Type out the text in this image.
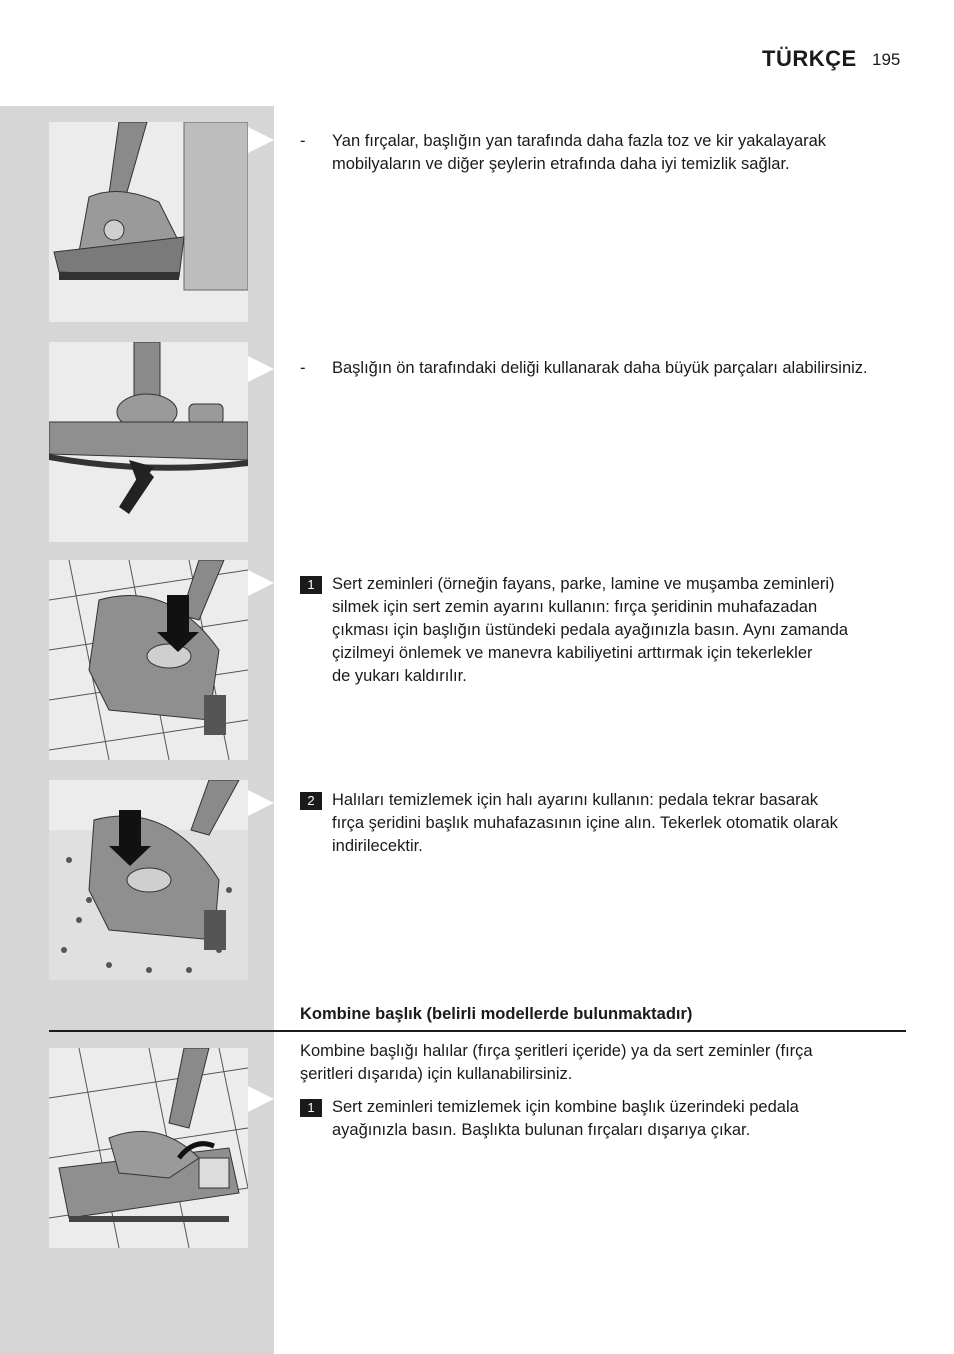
TÜRKÇE 195
- Yan fırçalar, başlığın yan tarafında daha fazla toz ve kir yakalayarak
mobilyaların ve diğer şeylerin etrafında daha iyi temizlik sağlar.
- Başlığın ön tarafındaki deliği kullanarak daha büyük parçaları alabilirsiniz.
1	Sert zeminleri (örneğin fayans, parke, lamine ve muşamba zeminleri)
silmek için sert zemin ayarını kullanın: fırça şeridinin muhafazadan
çıkması için başlığın üstündeki pedala ayağınızla basın. Aynı zamanda
çizilmeyi önlemek ve manevra kabiliyetini arttırmak için tekerlekler
de yukarı kaldırılır.
2	Halıları temizlemek için halı ayarını kullanın: pedala tekrar basarak
fırça şeridini başlık muhafazasının içine alın. Tekerlek otomatik olarak
indirilecektir.
Kombine başlık (belirli modellerde bulunmaktadır)
Kombine başlığı halılar (fırça şeritleri içeride) ya da sert zeminler (fırça
şeritleri dışarıda) için kullanabilirsiniz.
1	Sert zeminleri temizlemek için kombine başlık üzerindeki pedala
ayağınızla basın. Başlıkta bulunan fırçaları dışarıya çıkar.
